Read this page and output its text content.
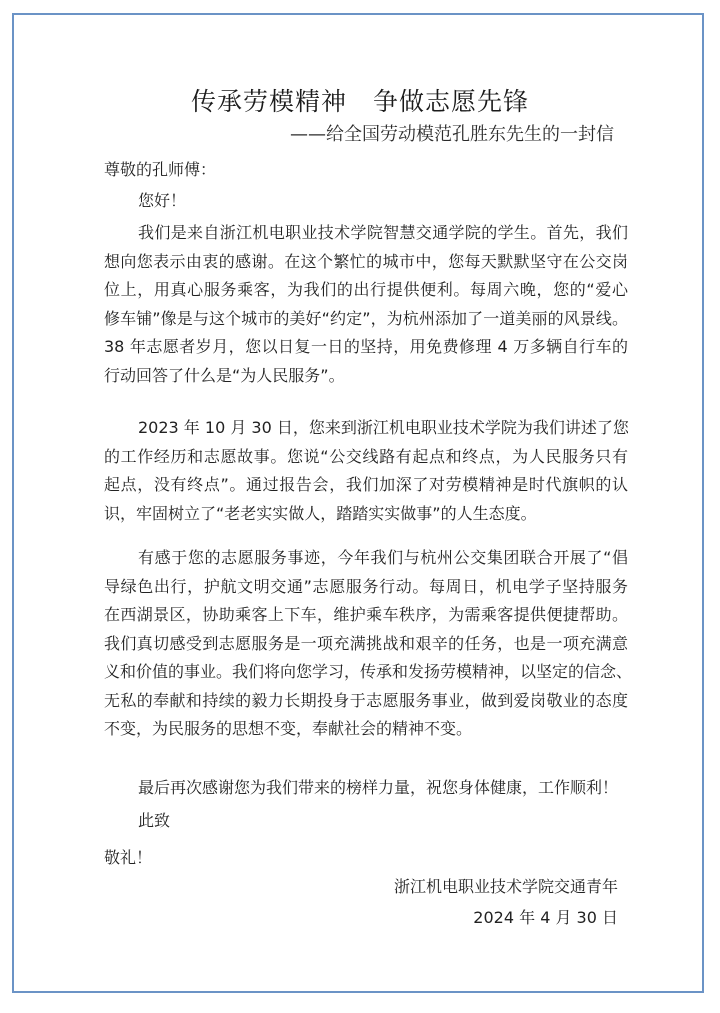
传承劳模精神　争做志愿先锋
——给全国劳动模范孔胜东先生的一封信
尊敬的孔师傅：
您好！
我们是来自浙江机电职业技术学院智慧交通学院的学生。首先，我们
想向您表示由衷的感谢。在这个繁忙的城市中，您每天默默坚守在公交岗
位上，用真心服务乘客，为我们的出行提供便利。每周六晚，您的“爱心
修车铺”像是与这个城市的美好“约定”，为杭州添加了一道美丽的风景线。
38 年志愿者岁月，您以日复一日的坚持，用免费修理 4 万多辆自行车的
行动回答了什么是“为人民服务”。
2023 年 10 月 30 日，您来到浙江机电职业技术学院为我们讲述了您
的工作经历和志愿故事。您说“公交线路有起点和终点，为人民服务只有
起点，没有终点”。通过报告会，我们加深了对劳模精神是时代旗帜的认
识，牢固树立了“老老实实做人，踏踏实实做事”的人生态度。
有感于您的志愿服务事迹，今年我们与杭州公交集团联合开展了“倡
导绿色出行，护航文明交通”志愿服务行动。每周日，机电学子坚持服务
在西湖景区，协助乘客上下车，维护乘车秩序，为需乘客提供便捷帮助。
我们真切感受到志愿服务是一项充满挑战和艰辛的任务，也是一项充满意
义和价值的事业。我们将向您学习，传承和发扬劳模精神，以坚定的信念、
无私的奉献和持续的毅力长期投身于志愿服务事业，做到爱岗敬业的态度
不变，为民服务的思想不变，奉献社会的精神不变。
最后再次感谢您为我们带来的榜样力量，祝您身体健康，工作顺利！
此致
敬礼！
浙江机电职业技术学院交通青年
2024 年 4 月 30 日
